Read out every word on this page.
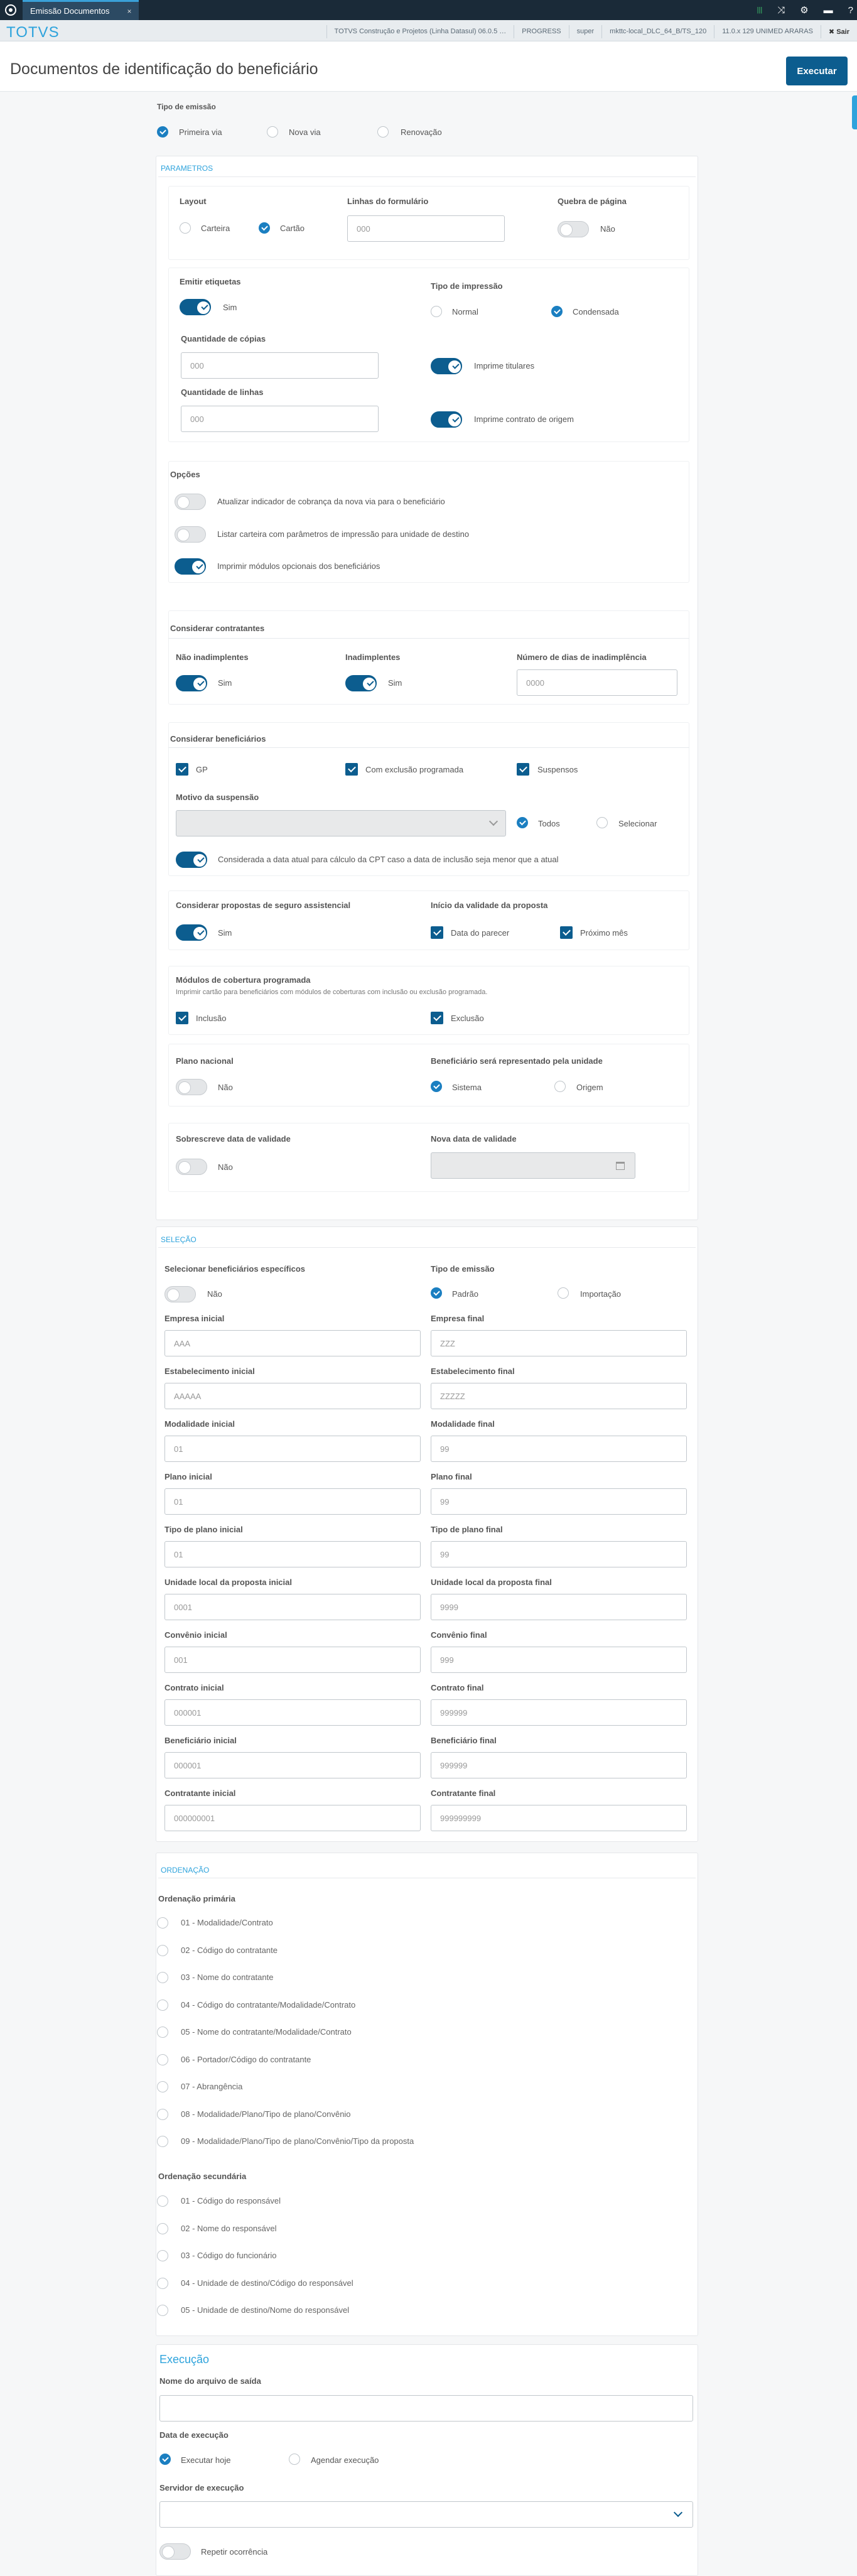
Emissão Documentos ×	||| ⤨ ⚙ ▬ ?
TOTVS	TOTVS Construção e Projetos (Linha Datasul) 06.0.5 …	PROGRESS	super	mkttc-local_DLC_64_B/TS_120	11.0.x 129 UNIMED ARARAS	✖ Sair
Documentos de identificação do beneficiário	Executar
Tipo de emissão
Primeira via	Nova via	Renovação
PARAMETROS
Layout
Carteira	Cartão
Linhas do formulário
000
Quebra de página
Não
Emitir etiquetas
Sim
Tipo de impressão
Normal	Condensada
Quantidade de cópias
000	Imprime titulares
Quantidade de linhas
000	Imprime contrato de origem
Opções
Atualizar indicador de cobrança da nova via para o beneficiário
Listar carteira com parâmetros de impressão para unidade de destino
Imprimir módulos opcionais dos beneficiários
Considerar contratantes
Não inadimplentes
Sim
Inadimplentes
Sim
Número de dias de inadimplência
0000
Considerar beneficiários
GP	Com exclusão programada	Suspensos
Motivo da suspensão
Todos	Selecionar
Considerada a data atual para cálculo da CPT caso a data de inclusão seja menor que a atual
Considerar propostas de seguro assistencial
Sim
Início da validade da proposta
Data do parecer	Próximo mês
Módulos de cobertura programada
Imprimir cartão para beneficiários com módulos de coberturas com inclusão ou exclusão programada.
Inclusão	Exclusão
Plano nacional
Não
Beneficiário será representado pela unidade
Sistema	Origem
Sobrescreve data de validade
Não
Nova data de validade
SELEÇÃO
Selecionar beneficiários específicos
Não
Tipo de emissão
Padrão	Importação
Empresa inicial
AAA
Empresa final
ZZZ
Estabelecimento inicial
AAAAA
Estabelecimento final
ZZZZZ
Modalidade inicial
01
Modalidade final
99
Plano inicial
01
Plano final
99
Tipo de plano inicial
01
Tipo de plano final
99
Unidade local da proposta inicial
0001
Unidade local da proposta final
9999
Convênio inicial
001
Convênio final
999
Contrato inicial
000001
Contrato final
999999
Beneficiário inicial
000001
Beneficiário final
999999
Contratante inicial
000000001
Contratante final
999999999
ORDENAÇÃO
Ordenação primária
01 - Modalidade/Contrato
02 - Código do contratante
03 - Nome do contratante
04 - Código do contratante/Modalidade/Contrato
05 - Nome do contratante/Modalidade/Contrato
06 - Portador/Código do contratante
07 - Abrangência
08 - Modalidade/Plano/Tipo de plano/Convênio
09 - Modalidade/Plano/Tipo de plano/Convênio/Tipo da proposta
Ordenação secundária
01 - Código do responsável
02 - Nome do responsável
03 - Código do funcionário
04 - Unidade de destino/Código do responsável
05 - Unidade de destino/Nome do responsável
Execução
Nome do arquivo de saída
Data de execução
Executar hoje	Agendar execução
Servidor de execução
Repetir ocorrência
